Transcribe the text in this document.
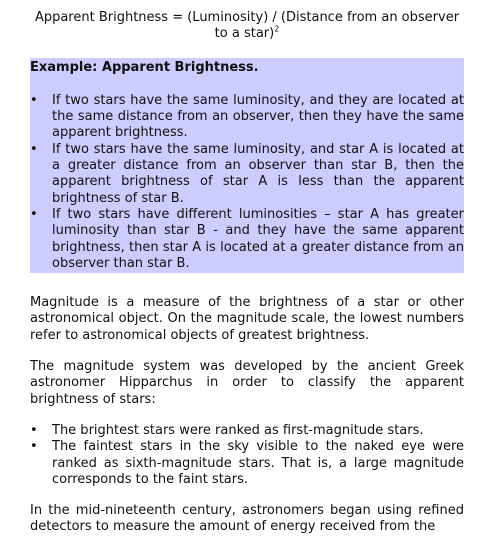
Apparent Brightness = (Luminosity) / (Distance from an observer to a star)$^2$
Example: Apparent Brightness.
• If two stars have the same luminosity, and they are located at the same distance from an observer, then they have the same apparent brightness.
• If two stars have the same luminosity, and star A is located at a greater distance from an observer than star B, then the apparent brightness of star A is less than the apparent brightness of star B.
• If two stars have different luminosities – star A has greater luminosity than star B - and they have the same apparent brightness, then star A is located at a greater distance from an observer than star B.
Magnitude is a measure of the brightness of a star or other astronomical object. On the magnitude scale, the lowest numbers refer to astronomical objects of greatest brightness.
The magnitude system was developed by the ancient Greek astronomer Hipparchus in order to classify the apparent brightness of stars:
• The brightest stars were ranked as first-magnitude stars.
• The faintest stars in the sky visible to the naked eye were ranked as sixth-magnitude stars. That is, a large magnitude corresponds to the faint stars.
In the mid-nineteenth century, astronomers began using refined detectors to measure the amount of energy received from the
